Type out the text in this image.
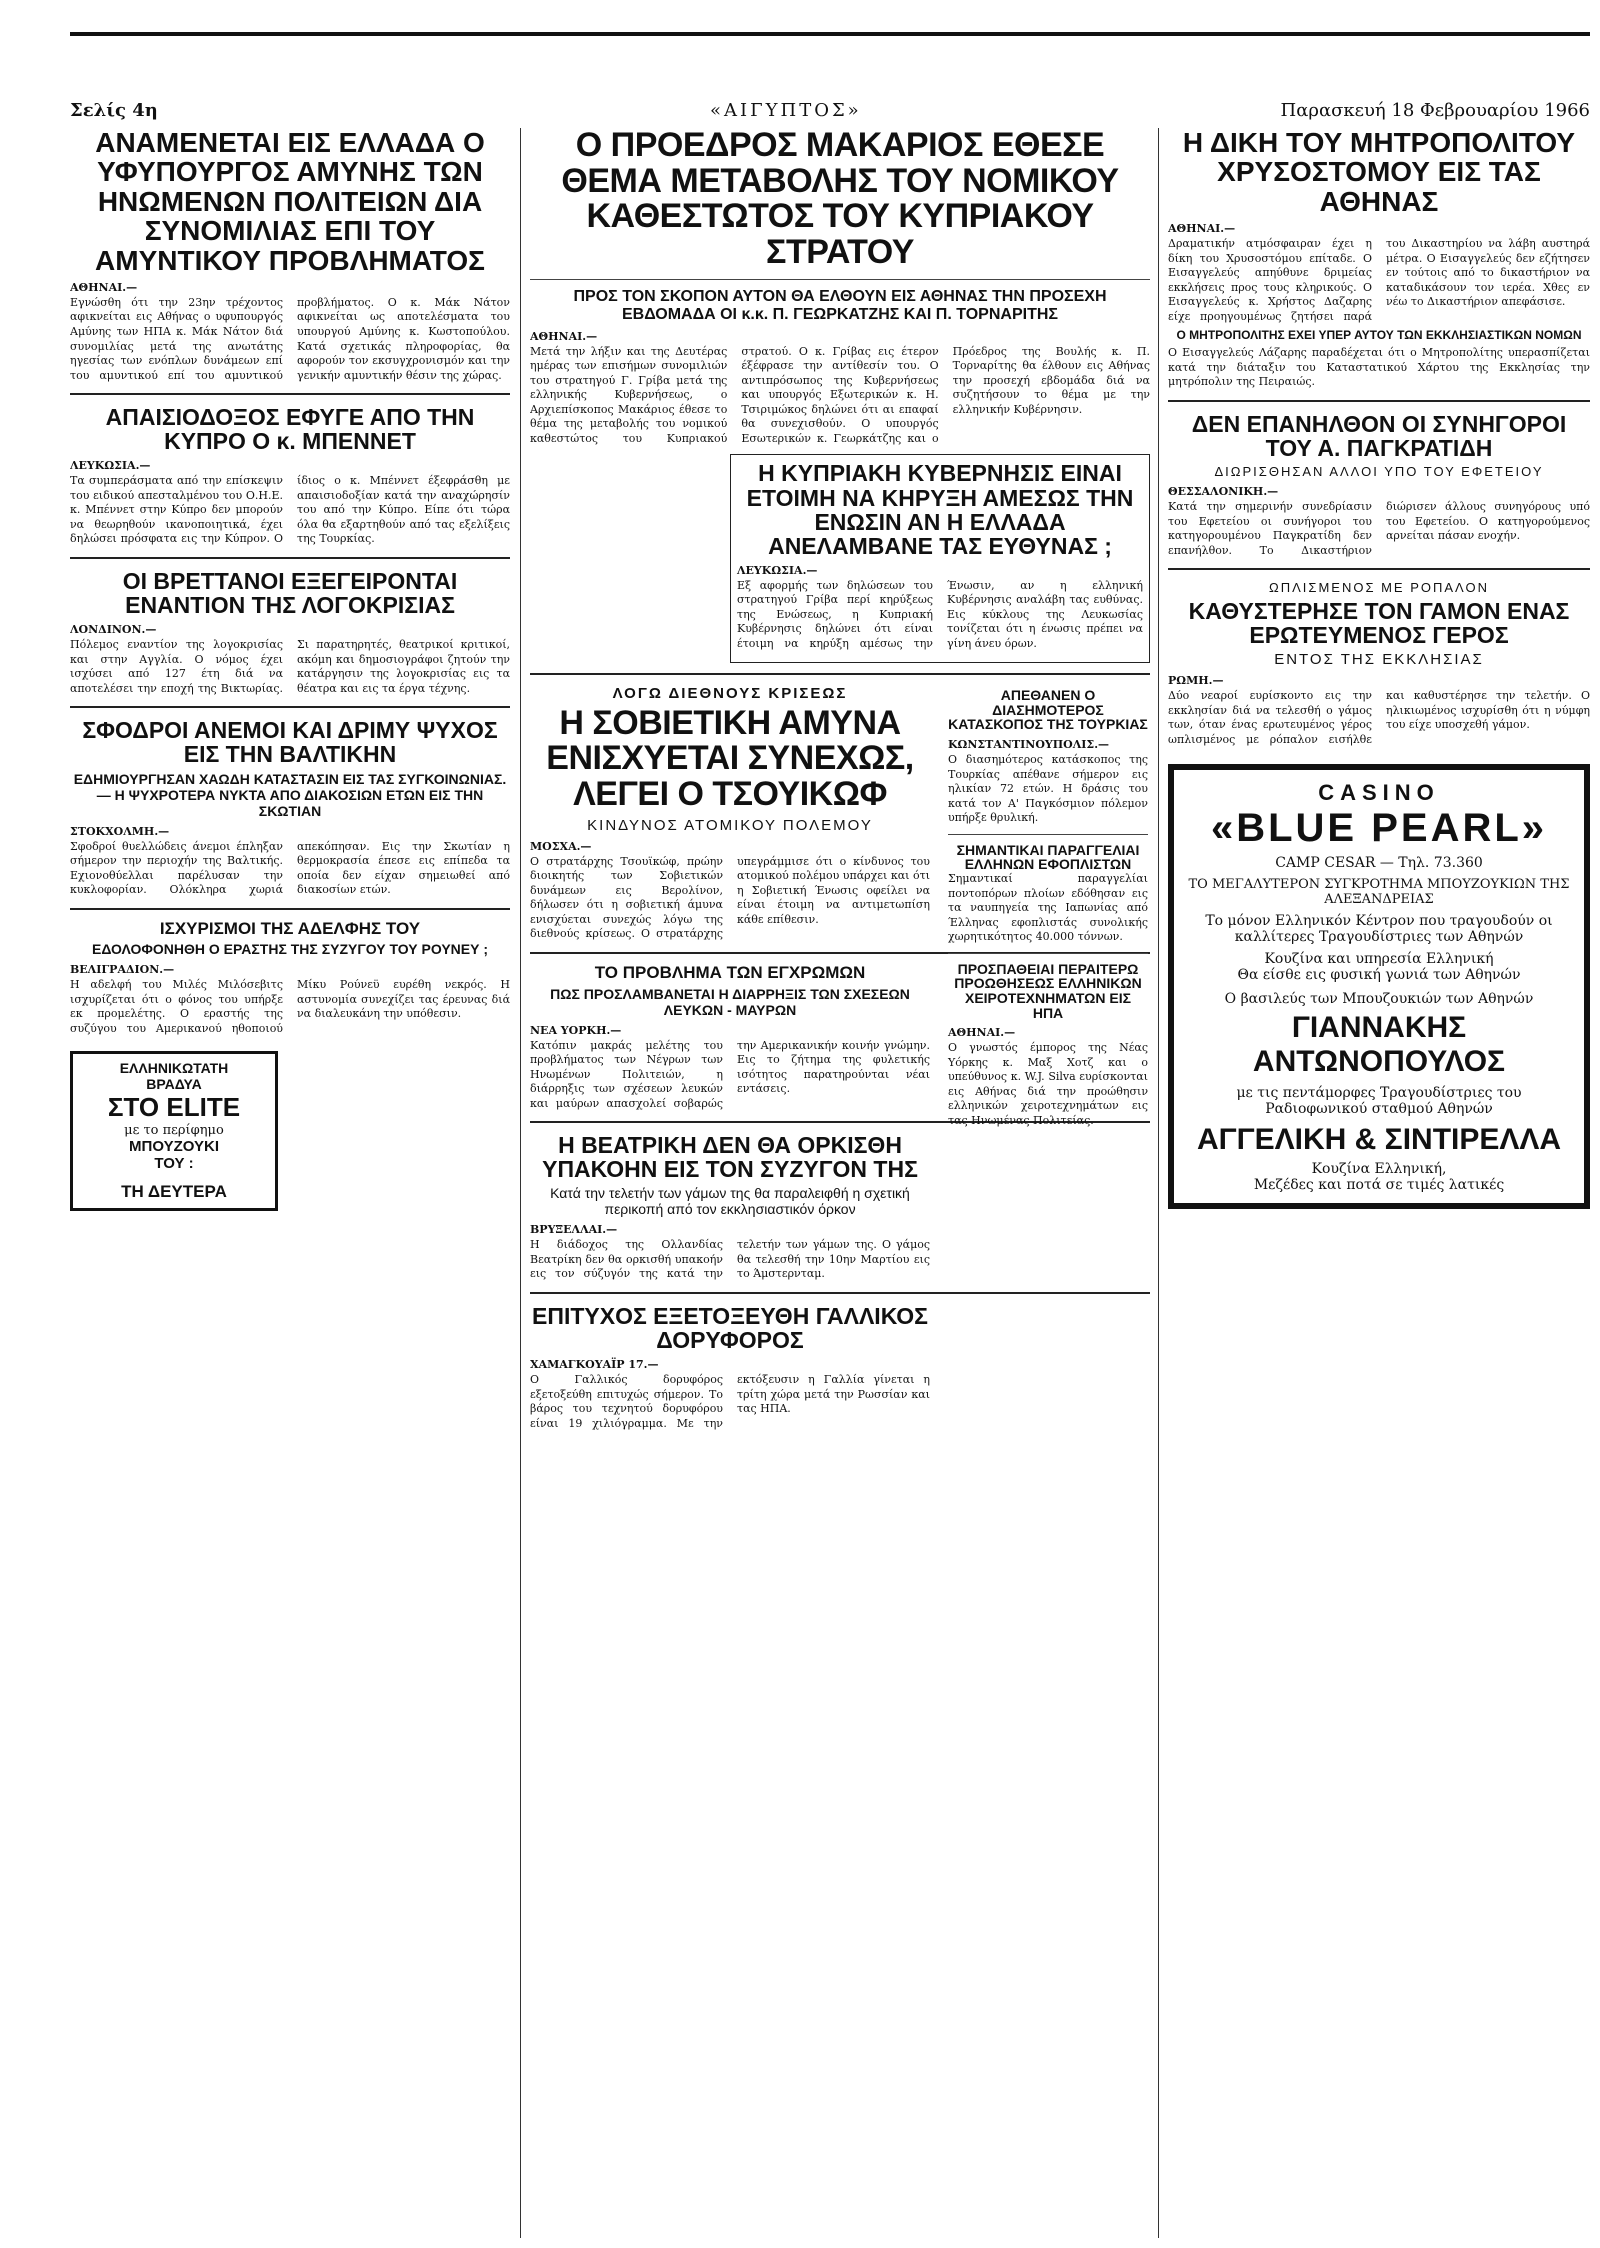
Σελίς 4η	«ΑΙΓΥΠΤΟΣ»	Παρασκευή 18 Φεβρουαρίου 1966
ΑΝΑΜΕΝΕΤΑΙ ΕΙΣ ΕΛΛΑΔΑ Ο ΥΦΥΠΟΥΡΓΟΣ ΑΜΥΝΗΣ ΤΩΝ ΗΝΩΜΕΝΩΝ ΠΟΛΙΤΕΙΩΝ ΔΙΑ ΣΥΝΟΜΙΛΙΑΣ ΕΠΙ ΤΟΥ ΑΜΥΝΤΙΚΟΥ ΠΡΟΒΛΗΜΑΤΟΣ
ΑΘΗΝΑΙ.—

Εγνώσθη ότι την 23ην τρέχοντος αφικνείται εις Αθήνας ο υφυπουργός Αμύνης των ΗΠΑ κ. Μάκ Νάτον διά συνομιλίας μετά της ανωτάτης ηγεσίας των ενόπλων δυνάμεων επί του αμυντικού επί του αμυντικού προβλήματος. Ο κ. Μάκ Νάτον αφικνείται ως αποτελέσματα του υπουργού Αμύνης κ. Κωστοπούλου. Κατά σχετικάς πληροφορίας, θα αφορούν τον εκσυγχρονισμόν και την γενικήν αμυντικήν θέσιν της χώρας.

ΑΠΑΙΣΙΟΔΟΞΟΣ ΕΦΥΓΕ ΑΠΟ ΤΗΝ ΚΥΠΡΟ Ο κ. ΜΠΕΝΝΕΤ
ΛΕΥΚΩΣΙΑ.—

Τα συμπεράσματα από την επίσκεψιν του ειδικού απεσταλμένου του Ο.Η.Ε. κ. Μπέννετ στην Κύπρο δεν μπορούν να θεωρηθούν ικανοποιητικά, έχει δηλώσει πρόσφατα εις την Κύπρον. Ο ίδιος ο κ. Μπέννετ έξεφράσθη με απαισιοδοξίαν κατά την αναχώρησίν του από την Κύπρο. Είπε ότι τώρα όλα θα εξαρτηθούν από τας εξελίξεις της Τουρκίας.

ΟΙ ΒΡΕΤΤΑΝΟΙ ΕΞΕΓΕΙΡΟΝΤΑΙ ΕΝΑΝΤΙΟΝ ΤΗΣ ΛΟΓΟΚΡΙΣΙΑΣ
ΛΟΝΔΙΝΟΝ.—

Πόλεμος εναντίον της λογοκρισίας και στην Αγγλία. Ο νόμος έχει ισχύσει από 127 έτη διά να αποτελέσει την εποχή της Βικτωρίας. Σι παρατηρητές, θεατρικοί κριτικοί, ακόμη και δημοσιογράφοι ζητούν την κατάργησιν της λογοκρισίας εις τα θέατρα και εις τα έργα τέχνης.

ΣΦΟΔΡΟΙ ΑΝΕΜΟΙ ΚΑΙ ΔΡΙΜΥ ΨΥΧΟΣ ΕΙΣ ΤΗΝ ΒΑΛΤΙΚΗΝ
ΕΔΗΜΙΟΥΡΓΗΣΑΝ ΧΑΩΔΗ ΚΑΤΑΣΤΑΣΙΝ ΕΙΣ ΤΑΣ ΣΥΓΚΟΙΝΩΝΙΑΣ. — Η ΨΥΧΡΟΤΕΡΑ ΝΥΚΤΑ ΑΠΟ ΔΙΑΚΟΣΙΩΝ ΕΤΩΝ ΕΙΣ ΤΗΝ ΣΚΩΤΙΑΝ
ΣΤΟΚΧΟΛΜΗ.—

Σφοδροί θυελλώδεις άνεμοι έπληξαν σήμερον την περιοχήν της Βαλτικής. Εχιονοθύελλαι παρέλυσαν την κυκλοφορίαν. Ολόκληρα χωριά απεκόπησαν. Εις την Σκωτίαν η θερμοκρασία έπεσε εις επίπεδα τα οποία δεν είχαν σημειωθεί από διακοσίων ετών.

ΙΣΧΥΡΙΣΜΟΙ ΤΗΣ ΑΔΕΛΦΗΣ ΤΟΥ
ΕΔΟΛΟΦΟΝΗΘΗ Ο ΕΡΑΣΤΗΣ ΤΗΣ ΣΥΖΥΓΟΥ ΤΟΥ ΡΟΥΝΕΥ ;
ΒΕΛΙΓΡΑΔΙΟΝ.—

Η αδελφή του Μιλές Μιλόσεβιτς ισχυρίζεται ότι ο φόνος του υπήρξε εκ προμελέτης. Ο εραστής της συζύγου του Αμερικανού ηθοποιού Μίκυ Ρούνεϋ ευρέθη νεκρός. Η αστυνομία συνεχίζει τας έρευνας διά να διαλευκάνη την υπόθεσιν.

ΕΛΛΗΝΙΚΩΤΑΤΗ
ΒΡΑΔΥΑ
ΣΤΟ ΕLΙΤΕ
με το περίφημο
ΜΠΟΥΖΟΥΚΙ
ΤΟΥ :
ΤΗ ΔΕΥΤΕΡΑ
Ο ΠΡΟΕΔΡΟΣ ΜΑΚΑΡΙΟΣ ΕΘΕΣΕ ΘΕΜΑ ΜΕΤΑΒΟΛΗΣ ΤΟΥ ΝΟΜΙΚΟΥ ΚΑΘΕΣΤΩΤΟΣ ΤΟΥ ΚΥΠΡΙΑΚΟΥ ΣΤΡΑΤΟΥ
ΠΡΟΣ ΤΟΝ ΣΚΟΠΟΝ ΑΥΤΟΝ ΘΑ ΕΛΘΟΥΝ ΕΙΣ ΑΘΗΝΑΣ ΤΗΝ ΠΡΟΣΕΧΗ ΕΒΔΟΜΑΔΑ ΟΙ κ.κ. Π. ΓΕΩΡΚΑΤΖΗΣ ΚΑΙ Π. ΤΟΡΝΑΡΙΤΗΣ
ΑΘΗΝΑΙ.—

Μετά την λήξιν και της Δευτέρας ημέρας των επισήμων συνομιλιών του στρατηγού Γ. Γρίβα μετά της ελληνικής Κυβερνήσεως, ο Αρχιεπίσκοπος Μακάριος έθεσε το θέμα της μεταβολής του νομικού καθεστώτος του Κυπριακού στρατού. Ο κ. Γρίβας εις έτερον έξέφρασε την αντίθεσίν του. Ο αντιπρόσωπος της Κυβερνήσεως και υπουργός Εξωτερικών κ. Η. Τσιριμώκος δηλώνει ότι αι επαφαί θα συνεχισθούν. Ο υπουργός Εσωτερικών κ. Γεωρκάτζης και ο Πρόεδρος της Βουλής κ. Π. Τορναρίτης θα έλθουν εις Αθήνας την προσεχή εβδομάδα διά να συζητήσουν το θέμα με την ελληνικήν Κυβέρνησιν.

Η ΚΥΠΡΙΑΚΗ ΚΥΒΕΡΝΗΣΙΣ ΕΙΝΑΙ ΕΤΟΙΜΗ ΝΑ ΚΗΡΥΞΗ ΑΜΕΣΩΣ ΤΗΝ ΕΝΩΣΙΝ ΑΝ Η ΕΛΛΑΔΑ ΑΝΕΛΑΜΒΑΝΕ ΤΑΣ ΕΥΘΥΝΑΣ ;
ΛΕΥΚΩΣΙΑ.—

Εξ αφορμής των δηλώσεων του στρατηγού Γρίβα περί κηρύξεως της Ενώσεως, η Κυπριακή Κυβέρνησις δηλώνει ότι είναι έτοιμη να κηρύξη αμέσως την Ένωσιν, αν η ελληνική Κυβέρνησις αναλάβη τας ευθύνας. Εις κύκλους της Λευκωσίας τονίζεται ότι η ένωσις πρέπει να γίνη άνευ όρων.

ΛΟΓΩ ΔΙΕΘΝΟΥΣ ΚΡΙΣΕΩΣ
Η ΣΟΒΙΕΤΙΚΗ ΑΜΥΝΑ ΕΝΙΣΧΥΕΤΑΙ ΣΥΝΕΧΩΣ, ΛΕΓΕΙ Ο ΤΣΟΥΙΚΩΦ
ΚΙΝΔΥΝΟΣ ΑΤΟΜΙΚΟΥ ΠΟΛΕΜΟΥ
ΜΟΣΧΑ.—

Ο στρατάρχης Τσουϊκώφ, πρώην διοικητής των Σοβιετικών δυνάμεων εις Βερολίνον, δήλωσεν ότι η σοβιετική άμυνα ενισχύεται συνεχώς λόγω της διεθνούς κρίσεως. Ο στρατάρχης υπεγράμμισε ότι ο κίνδυνος του ατομικού πολέμου υπάρχει και ότι η Σοβιετική Ένωσις οφείλει να είναι έτοιμη να αντιμετωπίση κάθε επίθεσιν.

ΤΟ ΠΡΟΒΛΗΜΑ ΤΩΝ ΕΓΧΡΩΜΩΝ
ΠΩΣ ΠΡΟΣΛΑΜΒΑΝΕΤΑΙ Η ΔΙΑΡΡΗΞΙΣ ΤΩΝ ΣΧΕΣΕΩΝ ΛΕΥΚΩΝ - ΜΑΥΡΩΝ
ΝΕΑ ΥΟΡΚΗ.—

Κατόπιν μακράς μελέτης του προβλήματος των Νέγρων των Ηνωμένων Πολιτειών, η διάρρηξις των σχέσεων λευκών και μαύρων απασχολεί σοβαρώς την Αμερικανικήν κοινήν γνώμην. Εις το ζήτημα της φυλετικής ισότητος παρατηρούνται νέαι εντάσεις.

Η ΒΕΑΤΡΙΚΗ ΔΕΝ ΘΑ ΟΡΚΙΣΘΗ ΥΠΑΚΟΗΝ ΕΙΣ ΤΟΝ ΣΥΖΥΓΟΝ ΤΗΣ
Κατά την τελετήν των γάμων της θα παραλειφθή η σχετική περικοπή από τον εκκλησιαστικόν όρκον
ΒΡΥΞΕΛΛΑΙ.—

Η διάδοχος της Ολλανδίας Βεατρίκη δεν θα ορκισθή υπακοήν εις τον σύζυγόν της κατά την τελετήν των γάμων της. Ο γάμος θα τελεσθή την 10ην Μαρτίου εις το Άμστερνταμ.

ΕΠΙΤΥΧΟΣ ΕΞΕΤΟΞΕΥΘΗ ΓΑΛΛΙΚΟΣ ΔΟΡΥΦΟΡΟΣ
ΧΑΜΑΓΚΟΥΑΪΡ 17.—

Ο Γαλλικός δορυφόρος εξετοξεύθη επιτυχώς σήμερον. Το βάρος του τεχνητού δορυφόρου είναι 19 χιλιόγραμμα. Με την εκτόξευσιν η Γαλλία γίνεται η τρίτη χώρα μετά την Ρωσσίαν και τας ΗΠΑ.

ΑΠΕΘΑΝΕΝ Ο ΔΙΑΣΗΜΟΤΕΡΟΣ ΚΑΤΑΣΚΟΠΟΣ ΤΗΣ ΤΟΥΡΚΙΑΣ
ΚΩΝΣΤΑΝΤΙΝΟΥΠΟΛΙΣ.—

Ο διασημότερος κατάσκοπος της Τουρκίας απέθανε σήμερον εις ηλικίαν 72 ετών. Η δράσις του κατά τον Α' Παγκόσμιον πόλεμον υπήρξε θρυλική.

ΣΗΜΑΝΤΙΚΑΙ ΠΑΡΑΓΓΕΛΙΑΙ ΕΛΛΗΝΩΝ ΕΦΟΠΛΙΣΤΩΝ

Σημαντικαί παραγγελίαι ποντοπόρων πλοίων εδόθησαν εις τα ναυπηγεία της Ιαπωνίας από Έλληνας εφοπλιστάς συνολικής χωρητικότητος 40.000 τόννων.

ΠΡΟΣΠΑΘΕΙΑΙ ΠΕΡΑΙΤΕΡΩ ΠΡΟΩΘΗΣΕΩΣ ΕΛΛΗΝΙΚΩΝ ΧΕΙΡΟΤΕΧΝΗΜΑΤΩΝ ΕΙΣ ΗΠΑ
ΑΘΗΝΑΙ.—

Ο γνωστός έμπορος της Νέας Υόρκης κ. Μαξ Χοτζ και ο υπεύθυνος κ. W.J. Silva ευρίσκονται εις Αθήνας διά την προώθησιν ελληνικών χειροτεχνημάτων εις τας Ηνωμένας Πολιτείας.

Η ΔΙΚΗ ΤΟΥ ΜΗΤΡΟΠΟΛΙΤΟΥ ΧΡΥΣΟΣΤΟΜΟΥ ΕΙΣ ΤΑΣ ΑΘΗΝΑΣ
ΑΘΗΝΑΙ.—

Δραματικήν ατμόσφαιραν έχει η δίκη του Χρυσοστόμου επίταδε. Ο Εισαγγελεύς απηύθυνε δριμείας εκκλήσεις προς τους κληρικούς. Ο Εισαγγελεύς κ. Χρήστος Δαζαρης είχε προηγουμένως ζητήσει παρά του Δικαστηρίου να λάβη αυστηρά μέτρα. Ο Εισαγγελεύς δεν εζήτησεν εν τούτοις από το δικαστήριον να καταδικάσουν τον ιερέα. Χθες εν νέω το Δικαστήριον απεφάσισε.

Ο ΜΗΤΡΟΠΟΛΙΤΗΣ ΕΧΕΙ ΥΠΕΡ ΑΥΤΟΥ ΤΩΝ ΕΚΚΛΗΣΙΑΣΤΙΚΩΝ ΝΟΜΩΝ

Ο Εισαγγελεύς Λάζαρης παραδέχεται ότι ο Μητροπολίτης υπερασπίζεται κατά την διάταξιν του Καταστατικού Χάρτου της Εκκλησίας την μητρόπολιν της Πειραιώς.

ΔΕΝ ΕΠΑΝΗΛΘΟΝ ΟΙ ΣΥΝΗΓΟΡΟΙ ΤΟΥ Α. ΠΑΓΚΡΑΤΙΔΗ
ΔΙΩΡΙΣΘΗΣΑΝ ΑΛΛΟΙ ΥΠΟ ΤΟΥ ΕΦΕΤΕΙΟΥ
ΘΕΣΣΑΛΟΝΙΚΗ.—

Κατά την σημερινήν συνεδρίασιν του Εφετείου οι συνήγοροι του κατηγορουμένου Παγκρατίδη δεν επανήλθον. Το Δικαστήριον διώρισεν άλλους συνηγόρους υπό του Εφετείου. Ο κατηγορούμενος αρνείται πάσαν ενοχήν.

ΩΠΛΙΣΜΕΝΟΣ ΜΕ ΡΟΠΑΛΟΝ
ΚΑΘΥΣΤΕΡΗΣΕ ΤΟΝ ΓΑΜΟΝ ΕΝΑΣ ΕΡΩΤΕΥΜΕΝΟΣ ΓΕΡΟΣ
ΕΝΤΟΣ ΤΗΣ ΕΚΚΛΗΣΙΑΣ
ΡΩΜΗ.—

Δύο νεαροί ευρίσκοντο εις την εκκλησίαν διά να τελεσθή ο γάμος των, όταν ένας ερωτευμένος γέρος ωπλισμένος με ρόπαλον εισήλθε και καθυστέρησε την τελετήν. Ο ηλικιωμένος ισχυρίσθη ότι η νύμφη του είχε υποσχεθή γάμον.

CASINO
«BLUE PEARL»
CAMP CESAR — Τηλ. 73.360
ΤΟ ΜΕΓΑΛΥΤΕΡΟΝ ΣΥΓΚΡΟΤΗΜΑ ΜΠΟΥΖΟΥΚΙΩΝ ΤΗΣ ΑΛΕΞΑΝΔΡΕΙΑΣ
Το μόνον Ελληνικόν Κέντρον που τραγουδούν οι καλλίτερες Τραγουδίστριες των Αθηνών
Κουζίνα και υπηρεσία Ελληνική
Θα είσθε εις φυσική γωνιά των Αθηνών
Ο βασιλεύς των Μπουζουκιών των Αθηνών
ΓΙΑΝΝΑΚΗΣ ΑΝΤΩΝΟΠΟΥΛΟΣ
με τις πεντάμορφες Τραγουδίστριες του Ραδιοφωνικού σταθμού Αθηνών
ΑΓΓΕΛΙΚΗ & ΣΙΝΤΙΡΕΛΛΑ
Κουζίνα Ελληνική,
Μεζέδες και ποτά σε τιμές λατικές
